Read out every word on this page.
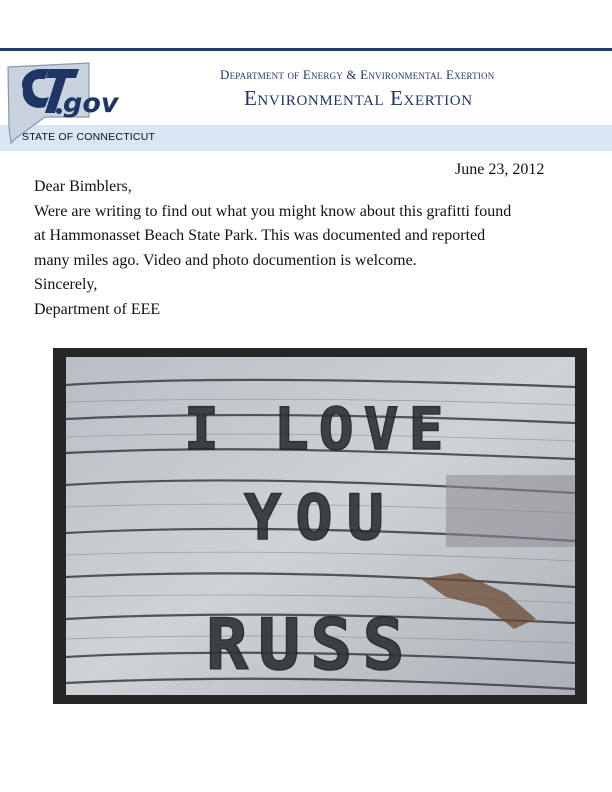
gov
STATE OF CONNECTICUT
Department of Energy & Environmental Exertion
Environmental Exertion
June 23, 2012
Dear Bimblers,
Were are writing to find out what you might know about this grafitti found
at Hammonasset Beach State Park. This was documented and reported
many miles ago. Video and photo documention is welcome.
Sincerely,
Department of EEE
I LOVE
YOU
RUSS
